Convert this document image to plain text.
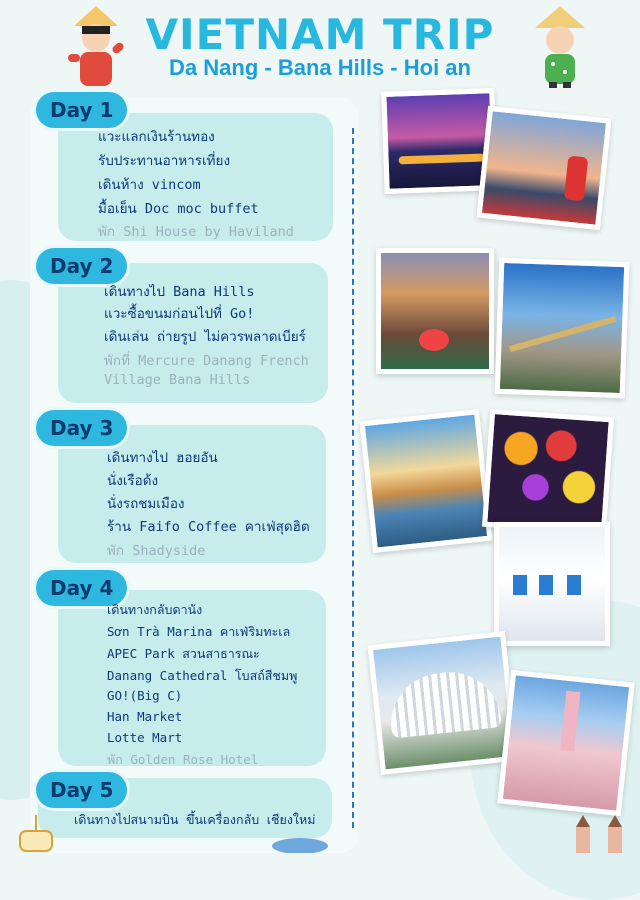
VIETNAM TRIP
Da Nang - Bana Hills - Hoi an
Day 1
แวะแลกเงินร้านทอง
รับประทานอาหารเที่ยง
เดินห้าง vincom
มื้อเย็น Doc moc buffet
พัก Shi House by Haviland
Day 2
เดินทางไป Bana Hills
แวะซื้อขนมก่อนไปที่ Go!
เดินเล่น ถ่ายรูป ไม่ควรพลาดเบียร์
พักที่ Mercure Danang French
Village Bana Hills
Day 3
เดินทางไป ฮอยอัน
นั่งเรือด้ง
นั่งรถชมเมือง
ร้าน Faifo Coffee คาเฟ่สุดฮิต
พัก Shadyside
Day 4
เดินทางกลับดานัง
Sơn Trà Marina คาเฟ่ริมทะเล
APEC Park สวนสาธารณะ
Danang Cathedral โบสถ์สีชมพู
GO!(Big C)
Han Market
Lotte Mart
พัก Golden Rose Hotel
Day 5
เดินทางไปสนามบิน ขึ้นเครื่องกลับ เชียงใหม่
